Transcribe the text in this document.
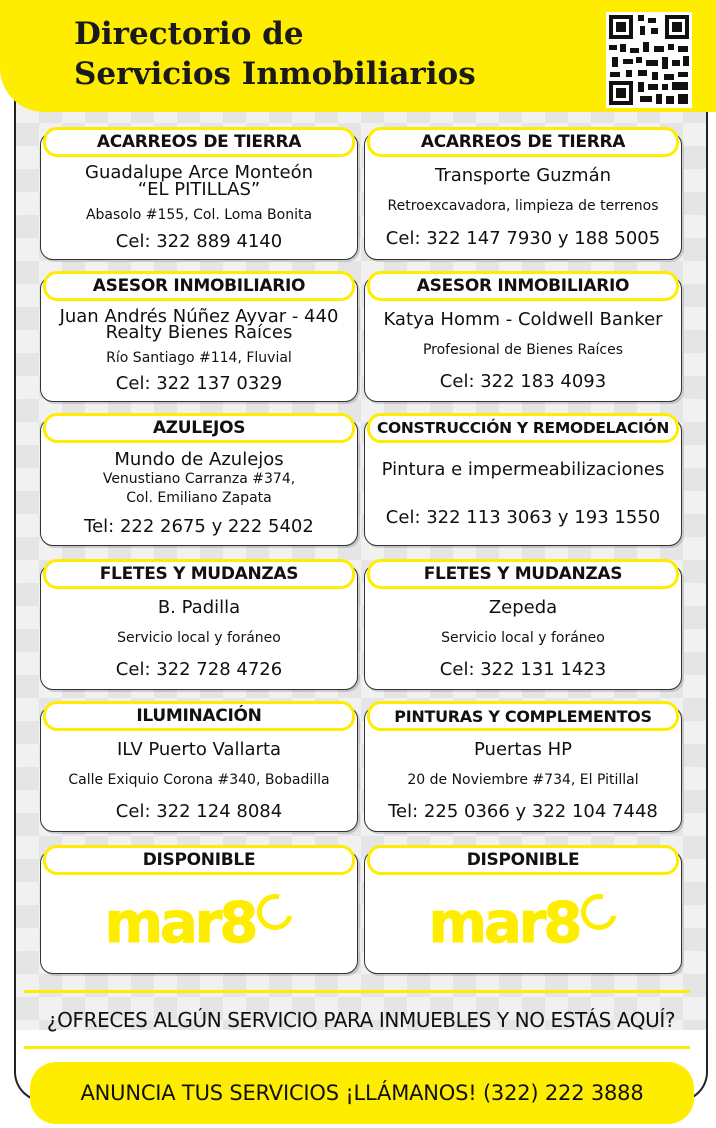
Directorio de
Servicios Inmobiliarios
ACARREOS DE TIERRA
Guadalupe Arce Monteón
“EL PITILLAS”
Abasolo #155, Col. Loma Bonita
Cel: 322 889 4140
ACARREOS DE TIERRA
Transporte Guzmán
Retroexcavadora, limpieza de terrenos
Cel: 322 147 7930 y 188 5005
ASESOR INMOBILIARIO
Juan Andrés Núñez Ayvar - 440
Realty Bienes Raíces
Río Santiago #114, Fluvial
Cel: 322 137 0329
ASESOR INMOBILIARIO
Katya Homm - Coldwell Banker
Profesional de Bienes Raíces
Cel: 322 183 4093
AZULEJOS
Mundo de Azulejos
Venustiano Carranza #374,
Col. Emiliano Zapata
Tel: 222 2675 y 222 5402
CONSTRUCCIÓN Y REMODELACIÓN
Pintura e impermeabilizaciones
Cel: 322 113 3063 y 193 1550
FLETES Y MUDANZAS
B. Padilla
Servicio local y foráneo
Cel: 322 728 4726
FLETES Y MUDANZAS
Zepeda
Servicio local y foráneo
Cel: 322 131 1423
ILUMINACIÓN
ILV Puerto Vallarta
Calle Exiquio Corona #340, Bobadilla
Cel: 322 124 8084
PINTURAS Y COMPLEMENTOS
Puertas HP
20 de Noviembre #734, El Pitillal
Tel: 225 0366 y 322 104 7448
DISPONIBLE
mar8
DISPONIBLE
mar8
¿OFRECES ALGÚN SERVICIO PARA INMUEBLES Y NO ESTÁS AQUÍ?
ANUNCIA TUS SERVICIOS ¡LLÁMANOS! (322) 222 3888
